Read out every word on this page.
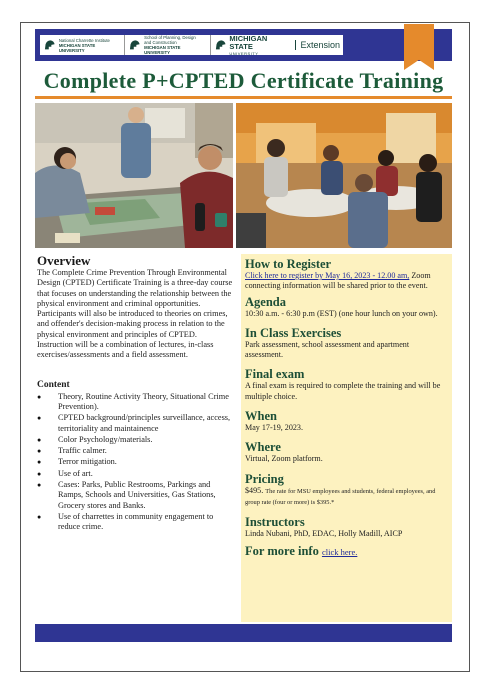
National Charrette Institute
MICHIGAN STATE UNIVERSITY
School of Planning, Design
and Construction
MICHIGAN STATE UNIVERSITY
MICHIGAN STATE
UNIVERSITY
Extension
Complete P+CPTED Certificate Training
Overview

The Complete Crime Prevention Through Environmental Design (CPTED) Certificate Training is a three-day course that focuses on understanding the relationship between the physical environment and criminal opportunities. Participants will also be introduced to theories on crimes, and offender's decision-making process in relation to the physical environment and principles of CPTED.

Instruction will be a combination of lectures, in-class exercises/assessments and a field assessment.

Content
● Theory, Routine Activity Theory, Situational Crime Prevention).
● CPTED background/principles surveillance, access, territoriality and maintainence
● Color Psychology/materials.
● Traffic calmer.
● Terror mitigation.
● Use of art.
● Cases: Parks, Public Restrooms, Parkings and Ramps, Schools and Universities, Gas Stations, Grocery stores and Banks.
● Use of charrettes in community engagement to reduce crime.
How to Register

Click here to register by May 16, 2023 - 12.00 am, Zoom connecting information will be shared prior to the event.

Agenda

10:30 a.m. - 6:30 p.m (EST) (one hour lunch on your own).

In Class Exercises

Park assessment, school assessment and apartment assessment.

Final exam

A final exam is required to complete the training and will be multiple choice.

When

May 17-19, 2023.

Where

Virtual, Zoom platform.

Pricing

$495. The rate for MSU employees and students, federal employees, and group rate (four or more) is $395.*

Instructors

Linda Nubani, PhD, EDAC, Holly Madill, AICP

For more info click here.
